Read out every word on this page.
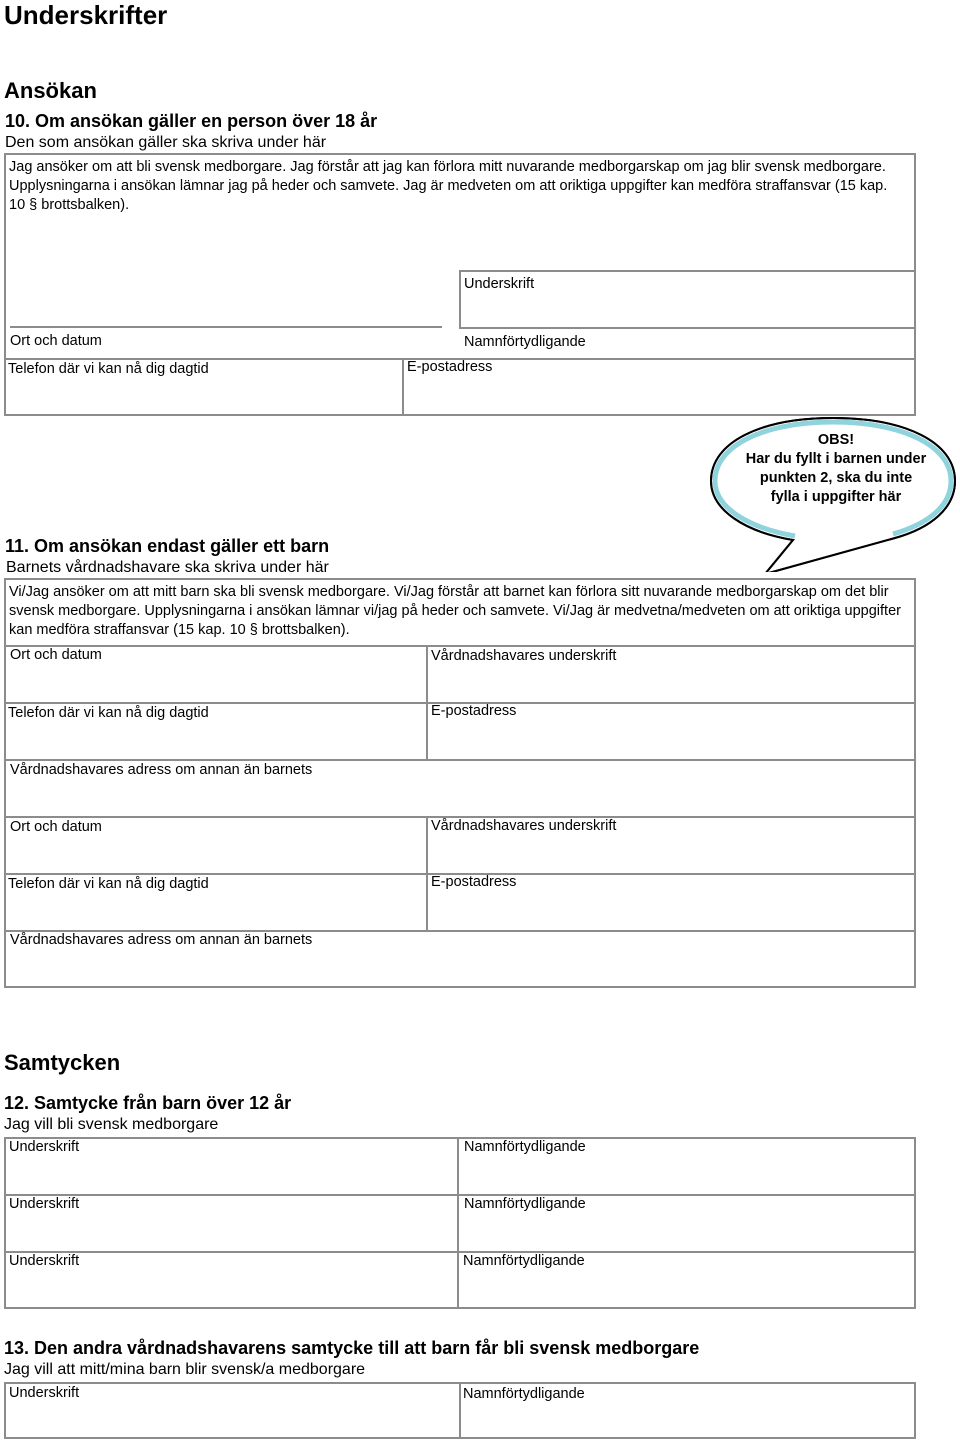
Underskrifter
Ansökan
10. Om ansökan gäller en person över 18 år
Den som ansökan gäller ska skriva under här
Jag ansöker om att bli svensk medborgare. Jag förstår att jag kan förlora mitt nuvarande medborgarskap om jag blir svensk medborgare. Upplysningarna i ansökan lämnar jag på heder och samvete. Jag är medveten om att oriktiga uppgifter kan medföra straffansvar (15 kap. 10 § brottsbalken).
Underskrift
Ort och datum	Namnförtydligande
Telefon där vi kan nå dig dagtid	E-postadress
OBS!
Har du fyllt i barnen under
punkten 2, ska du inte
fylla i uppgifter här
11. Om ansökan endast gäller ett barn
Barnets vårdnadshavare ska skriva under här
Vi/Jag ansöker om att mitt barn ska bli svensk medborgare. Vi/Jag förstår att barnet kan förlora sitt nuvarande medborgarskap om det blir svensk medborgare. Upplysningarna i ansökan lämnar vi/jag på heder och samvete. Vi/Jag är medvetna/medveten om att oriktiga uppgifter kan medföra straffansvar (15 kap. 10 § brottsbalken).
Ort och datum	Vårdnadshavares underskrift
Telefon där vi kan nå dig dagtid	E-postadress
Vårdnadshavares adress om annan än barnets
Ort och datum	Vårdnadshavares underskrift
Telefon där vi kan nå dig dagtid	E-postadress
Vårdnadshavares adress om annan än barnets
Samtycken
12. Samtycke från barn över 12 år
Jag vill bli svensk medborgare
Underskrift	Namnförtydligande
Underskrift	Namnförtydligande
Underskrift	Namnförtydligande
13. Den andra vårdnadshavarens samtycke till att barn får bli svensk medborgare
Jag vill att mitt/mina barn blir svensk/a medborgare
Underskrift	Namnförtydligande
